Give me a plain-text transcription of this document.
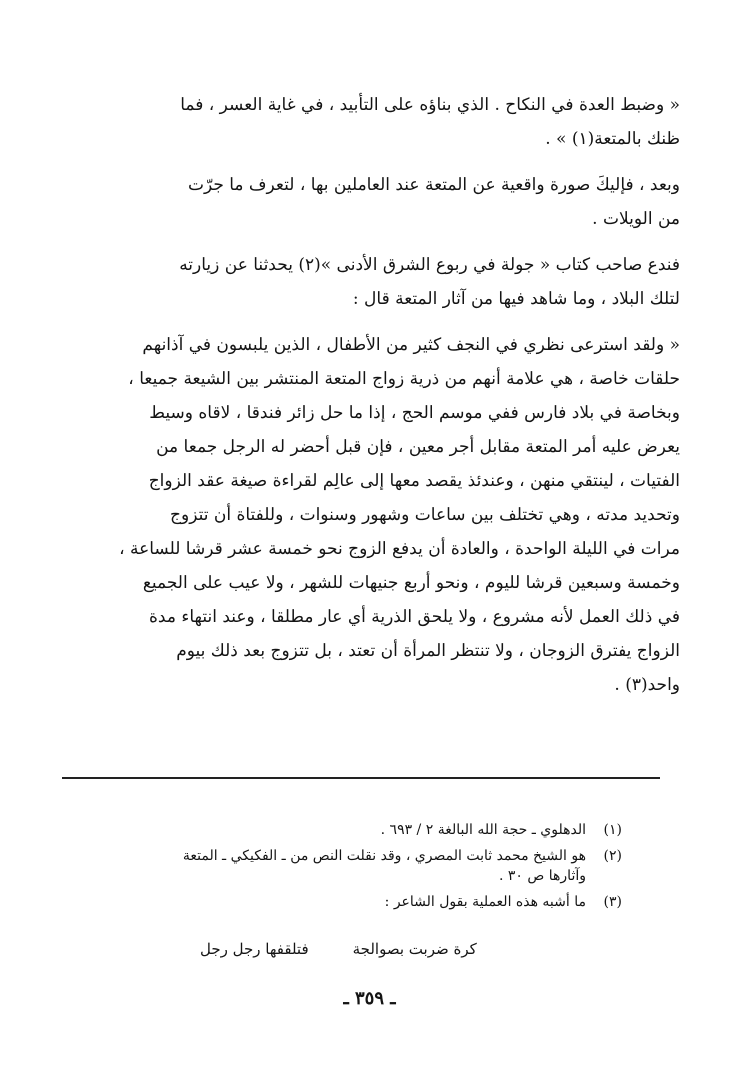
« وضبط العدة في النكاح . الذي بناؤه على التأبيد ، في غاية العسر ، فما
ظنك بالمتعة(١) » .

وبعد ، فإليكَ صورة واقعية عن المتعة عند العاملين بها ، لتعرف ما جرّت
من الويلات .

فندع صاحب كتاب « جولة في ربوع الشرق الأدنى »(٢) يحدثنا عن زيارته
لتلك البلاد ، وما شاهد فيها من آثار المتعة قال :

« ولقد استرعى نظري في النجف كثير من الأطفال ، الذين يلبسون في آذانهم
حلقات خاصة ، هي علامة أنهم من ذرية زواج المتعة المنتشر بين الشيعة جميعا ،
وبخاصة في بلاد فارس ففي موسم الحج ، إذا ما حل زائر فندقا ، لاقاه وسيط
يعرض عليه أمر المتعة مقابل أجر معين ، فإن قبل أحضر له الرجل جمعا من
الفتيات ، لينتقي منهن ، وعندئذ يقصد معها إلى عالِم لقراءة صيغة عقد الزواج
وتحديد مدته ، وهي تختلف بين ساعات وشهور وسنوات ، وللفتاة أن تتزوج
مرات في الليلة الواحدة ، والعادة أن يدفع الزوج نحو خمسة عشر قرشا للساعة ،
وخمسة وسبعين قرشا لليوم ، ونحو أربع جنيهات للشهر ، ولا عيب على الجميع
في ذلك العمل لأنه مشروع ، ولا يلحق الذرية أي عار مطلقا ، وعند انتهاء مدة
الزواج يفترق الزوجان ، ولا تنتظر المرأة أن تعتد ، بل تتزوج بعد ذلك بيوم
واحد(٣) .

(١)
الدهلوي ـ حجة الله البالغة ٢ / ٦٩٣ .
(٢)
هو الشيخ محمد ثابت المصري ، وقد نقلت النص من ـ الفكيكي ـ المتعة
وآثارها ص ٣٠ .
(٣)
ما أشبه هذه العملية بقول الشاعر :
كرة ضربت بصوالجةفتلقفها رجل رجل
ـ ٣٥٩ ـ
